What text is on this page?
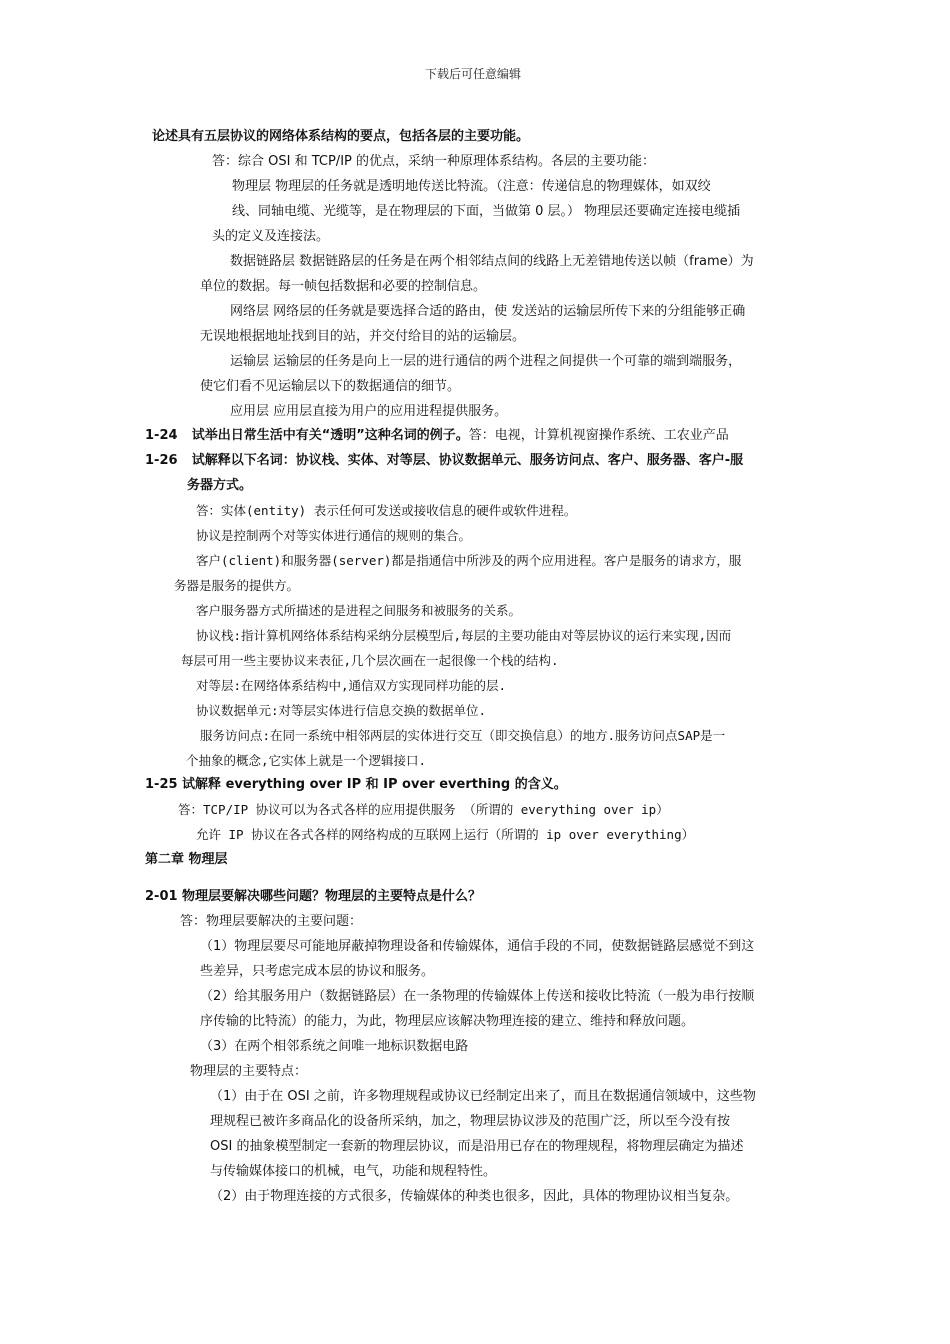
下载后可任意编辑
论述具有五层协议的网络体系结构的要点，包括各层的主要功能。
答：综合 OSI 和 TCP/IP 的优点，采纳一种原理体系结构。各层的主要功能：
物理层 物理层的任务就是透明地传送比特流。（注意：传递信息的物理媒体，如双绞
线、同轴电缆、光缆等，是在物理层的下面，当做第 0 层。） 物理层还要确定连接电缆插
头的定义及连接法。
数据链路层 数据链路层的任务是在两个相邻结点间的线路上无差错地传送以帧（frame）为
单位的数据。每一帧包括数据和必要的控制信息。
网络层 网络层的任务就是要选择合适的路由，使 发送站的运输层所传下来的分组能够正确
无误地根据地址找到目的站，并交付给目的站的运输层。
运输层 运输层的任务是向上一层的进行通信的两个进程之间提供一个可靠的端到端服务，
使它们看不见运输层以下的数据通信的细节。
应用层 应用层直接为用户的应用进程提供服务。
1-24 试举出日常生活中有关“透明”这种名词的例子。答：电视，计算机视窗操作系统、工农业产品
1-26 试解释以下名词：协议栈、实体、对等层、协议数据单元、服务访问点、客户、服务器、客户-服
务器方式。
答：实体(entity) 表示任何可发送或接收信息的硬件或软件进程。
协议是控制两个对等实体进行通信的规则的集合。
客户(client)和服务器(server)都是指通信中所涉及的两个应用进程。客户是服务的请求方，服
务器是服务的提供方。
客户服务器方式所描述的是进程之间服务和被服务的关系。
协议栈:指计算机网络体系结构采纳分层模型后,每层的主要功能由对等层协议的运行来实现,因而
每层可用一些主要协议来表征,几个层次画在一起很像一个栈的结构.
对等层:在网络体系结构中,通信双方实现同样功能的层.
协议数据单元:对等层实体进行信息交换的数据单位.
服务访问点:在同一系统中相邻两层的实体进行交互（即交换信息）的地方.服务访问点SAP是一
个抽象的概念,它实体上就是一个逻辑接口.
1-25 试解释 everything over IP 和 IP over everthing 的含义。
答：TCP/IP 协议可以为各式各样的应用提供服务 （所谓的 everything over ip）
允许 IP 协议在各式各样的网络构成的互联网上运行（所谓的 ip over everything）
第二章 物理层
2-01 物理层要解决哪些问题？物理层的主要特点是什么？
答：物理层要解决的主要问题：
（1）物理层要尽可能地屏蔽掉物理设备和传输媒体，通信手段的不同，使数据链路层感觉不到这
些差异，只考虑完成本层的协议和服务。
（2）给其服务用户（数据链路层）在一条物理的传输媒体上传送和接收比特流（一般为串行按顺
序传输的比特流）的能力，为此，物理层应该解决物理连接的建立、维持和释放问题。
（3）在两个相邻系统之间唯一地标识数据电路
物理层的主要特点：
（1）由于在 OSI 之前，许多物理规程或协议已经制定出来了，而且在数据通信领域中，这些物
理规程已被许多商品化的设备所采纳，加之，物理层协议涉及的范围广泛，所以至今没有按
OSI 的抽象模型制定一套新的物理层协议，而是沿用已存在的物理规程，将物理层确定为描述
与传输媒体接口的机械，电气，功能和规程特性。
（2）由于物理连接的方式很多，传输媒体的种类也很多，因此，具体的物理协议相当复杂。
